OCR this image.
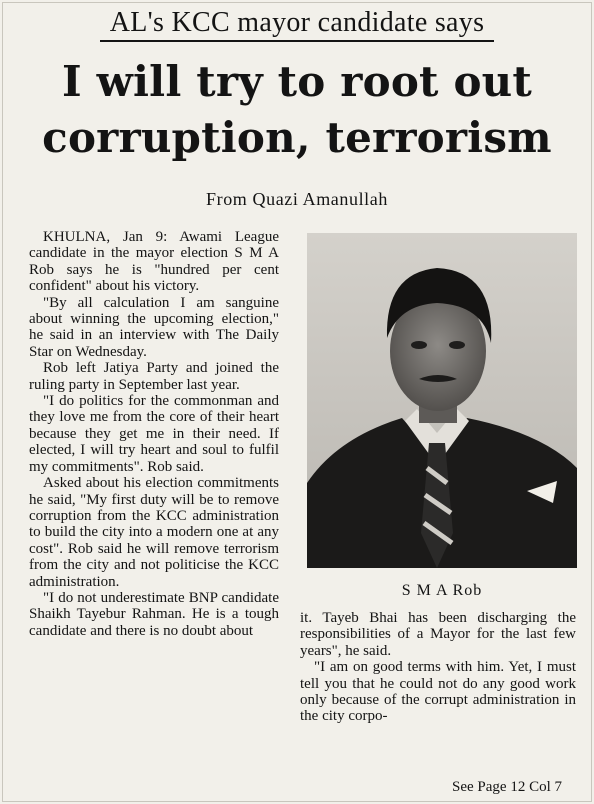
AL's KCC mayor candidate says
I will try to root out
corruption, terrorism
From Quazi Amanullah

KHULNA, Jan 9: Awami League candidate in the mayor election S M A Rob says he is "hundred per cent confident" about his victory.

"By all calculation I am sanguine about winning the upcoming election," he said in an interview with The Daily Star on Wednesday.

Rob left Jatiya Party and joined the ruling party in September last year.

"I do politics for the commonman and they love me from the core of their heart because they get me in their need. If elected, I will try heart and soul to fulfil my commitments". Rob said.

Asked about his election commitments he said, "My first duty will be to remove corruption from the KCC administration to build the city into a modern one at any cost". Rob said he will remove terrorism from the city and not politicise the KCC administration.

"I do not underestimate BNP candidate Shaikh Tayebur Rahman. He is a tough candidate and there is no doubt about

S M A Rob

it. Tayeb Bhai has been discharging the responsibilities of a Mayor for the last few years", he said.

"I am on good terms with him. Yet, I must tell you that he could not do any good work only because of the corrupt administration in the city corpo-

See Page 12 Col 7
